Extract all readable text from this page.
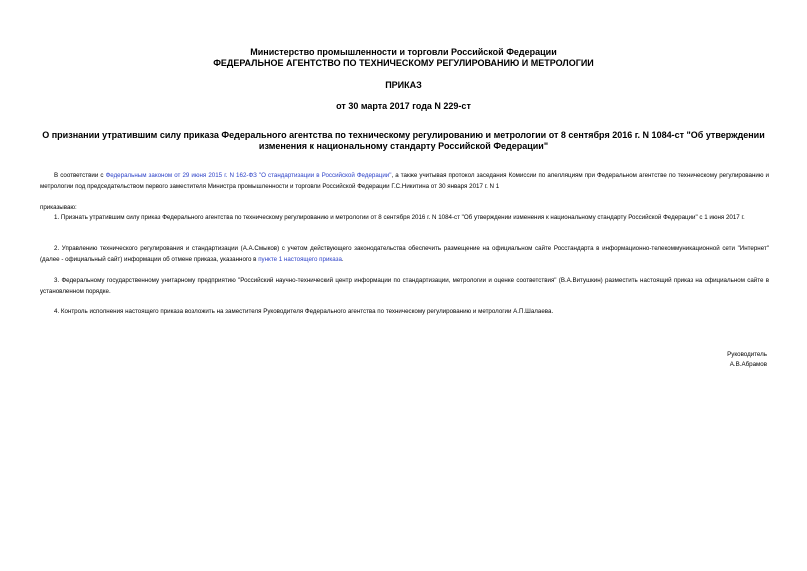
Министерство промышленности и торговли Российской Федерации
ФЕДЕРАЛЬНОЕ АГЕНТСТВО ПО ТЕХНИЧЕСКОМУ РЕГУЛИРОВАНИЮ И МЕТРОЛОГИИ
ПРИКАЗ
от 30 марта 2017 года N 229-ст
О признании утратившим силу приказа Федерального агентства по техническому регулированию и метрологии от 8 сентября 2016 г. N 1084-ст "Об утверждении изменения к национальному стандарту Российской Федерации"
В соответствии с Федеральным законом от 29 июня 2015 г. N 162-ФЗ "О стандартизации в Российской Федерации", а также учитывая протокол заседания Комиссии по апелляциям при Федеральном агентстве по техническому регулированию и метрологии под председательством первого заместителя Министра промышленности и торговли Российской Федерации Г.С.Никитина от 30 января 2017 г. N 1
приказываю:
1. Признать утратившим силу приказ Федерального агентства по техническому регулированию и метрологии от 8 сентября 2016 г. N 1084-ст "Об утверждении изменения к национальному стандарту Российской Федерации" с 1 июня 2017 г.
2. Управлению технического регулирования и стандартизации (А.А.Смыков) с учетом действующего законодательства обеспечить размещение на официальном сайте Росстандарта в информационно-телекоммуникационной сети "Интернет" (далее - официальный сайт) информации об отмене приказа, указанного в пункте 1 настоящего приказа.
3. Федеральному государственному унитарному предприятию "Российский научно-технический центр информации по стандартизации, метрологии и оценке соответствия" (В.А.Витушкин) разместить настоящий приказ на официальном сайте в установленном порядке.
4. Контроль исполнения настоящего приказа возложить на заместителя Руководителя Федерального агентства по техническому регулированию и метрологии А.П.Шалаева.
Руководитель
А.В.Абрамов
